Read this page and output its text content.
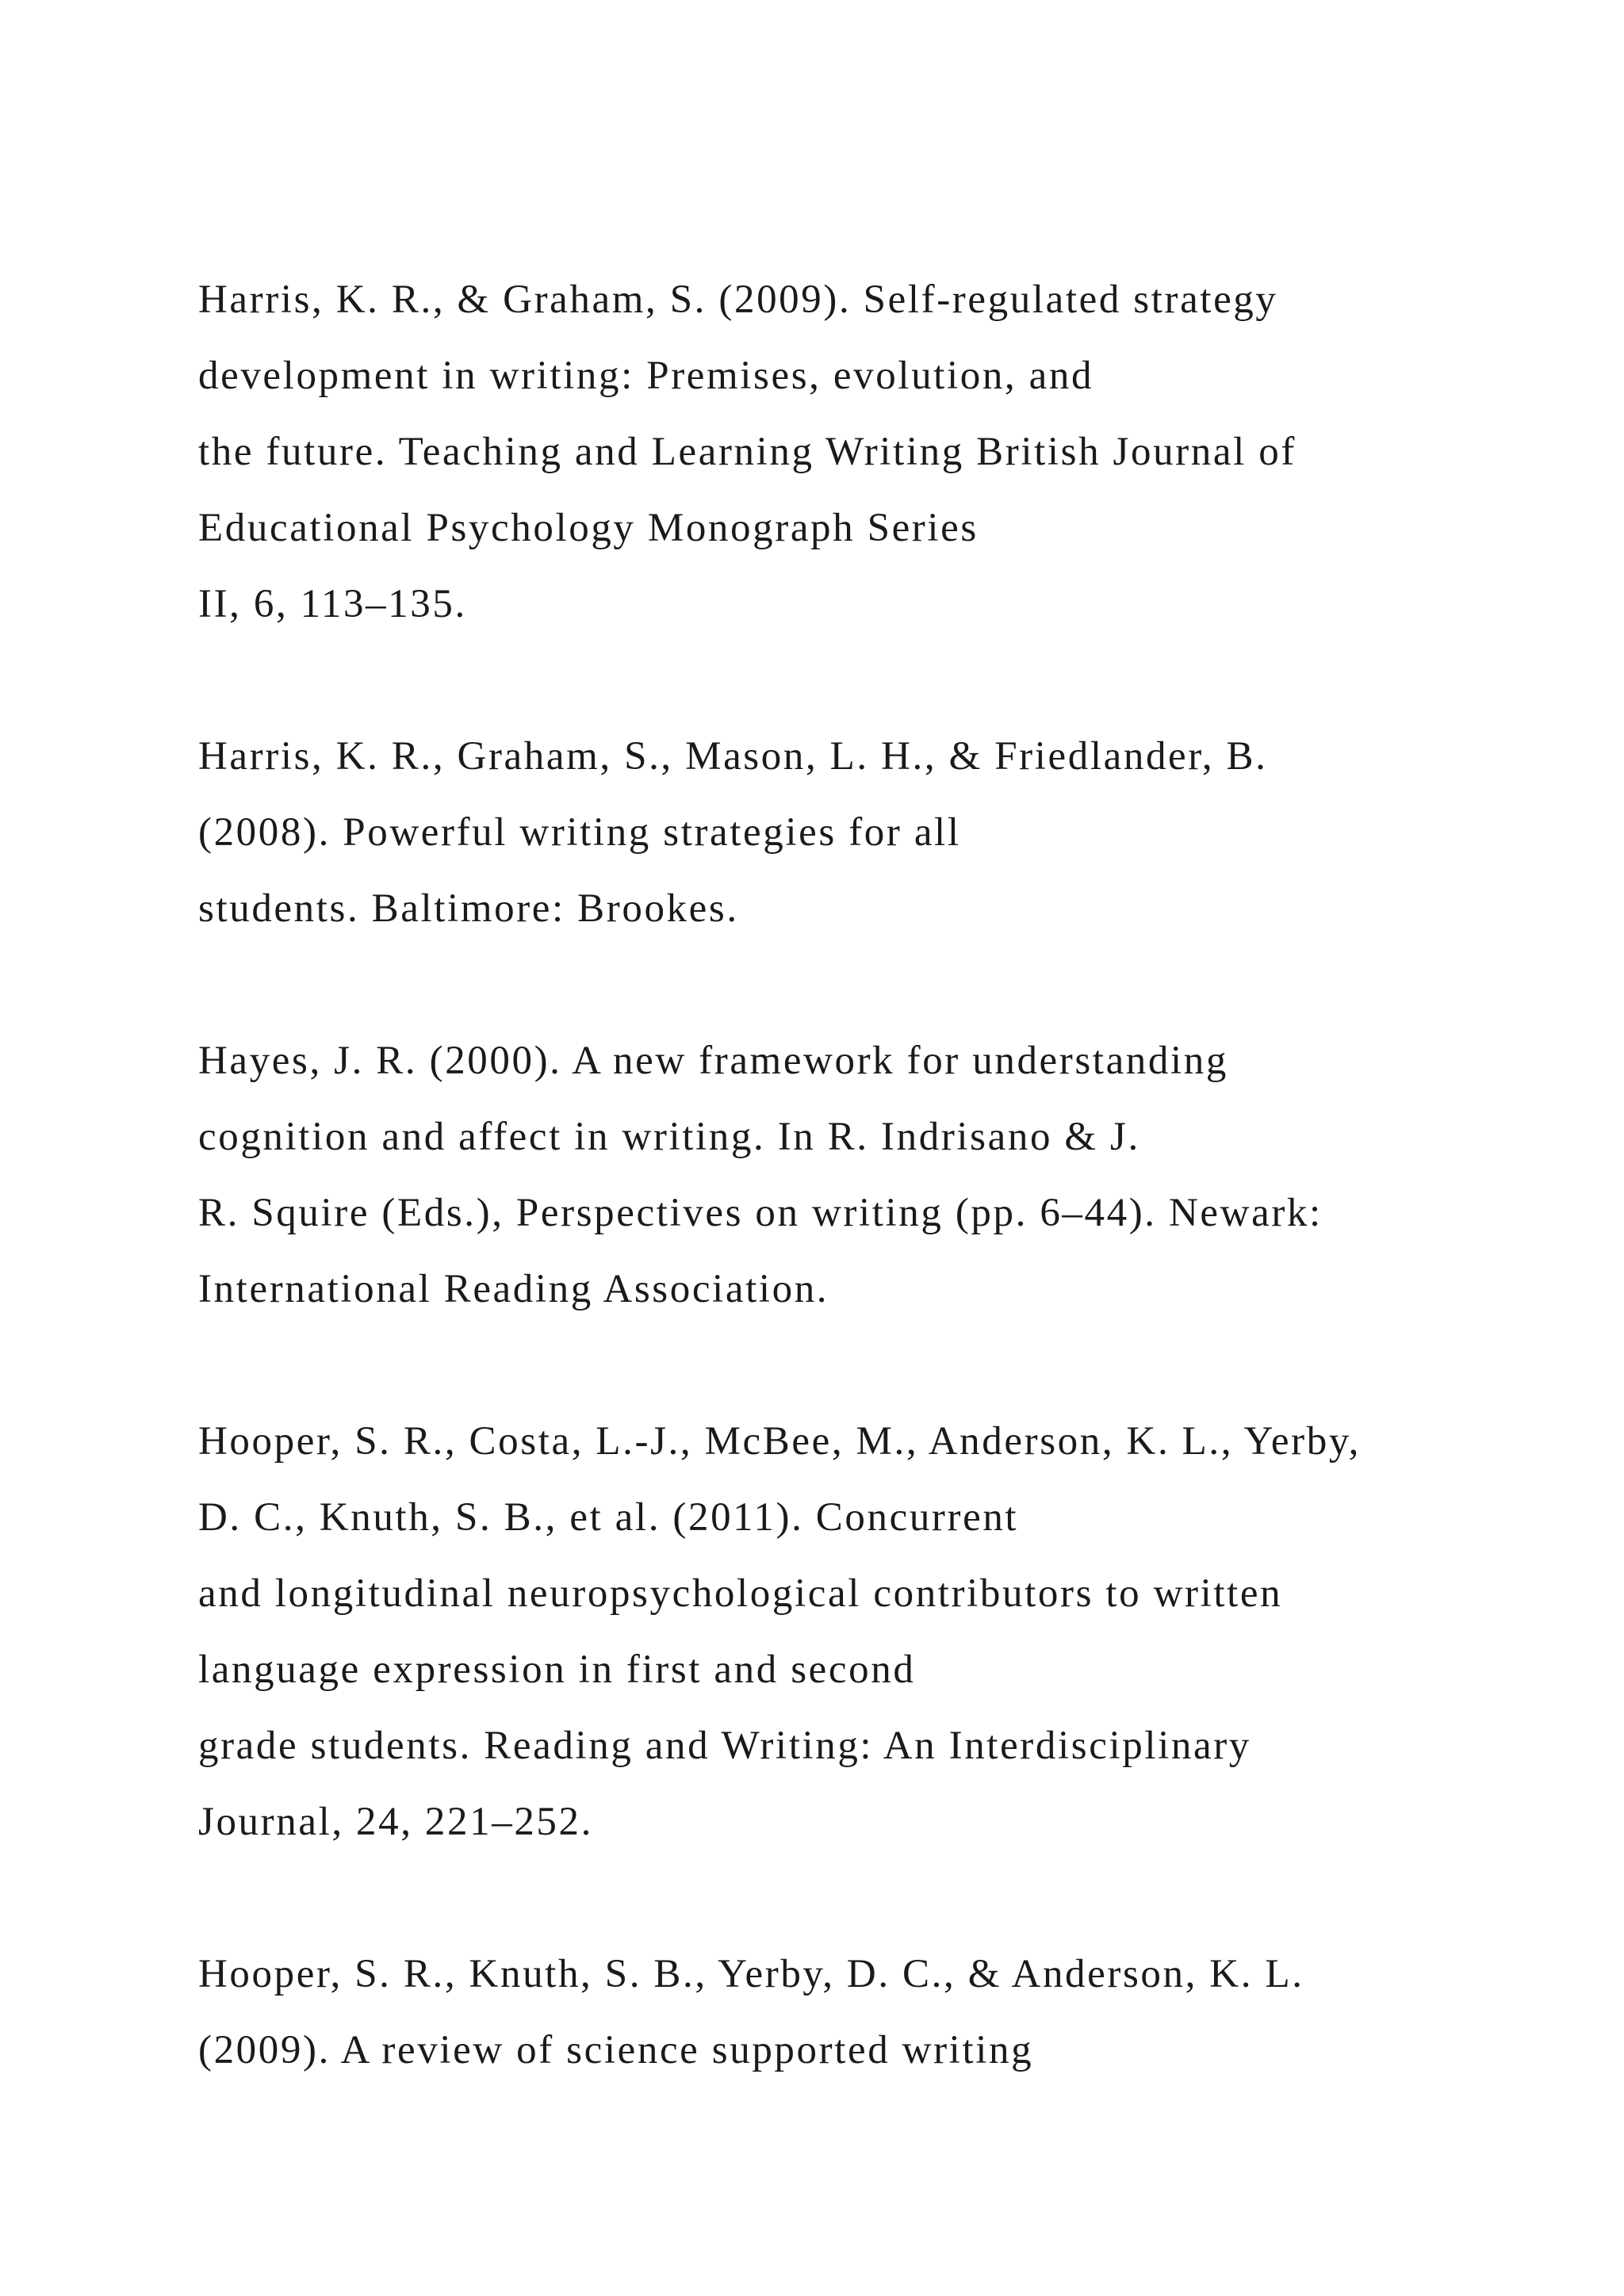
Harris, K. R., & Graham, S. (2009). Self-regulated strategy
development in writing: Premises, evolution, and
the future. Teaching and Learning Writing British Journal of
Educational Psychology Monograph Series
II, 6, 113–135.
Harris, K. R., Graham, S., Mason, L. H., & Friedlander, B.
(2008). Powerful writing strategies for all
students. Baltimore: Brookes.
Hayes, J. R. (2000). A new framework for understanding
cognition and affect in writing. In R. Indrisano & J.
R. Squire (Eds.), Perspectives on writing (pp. 6–44). Newark:
International Reading Association.
Hooper, S. R., Costa, L.-J., McBee, M., Anderson, K. L., Yerby,
D. C., Knuth, S. B., et al. (2011). Concurrent
and longitudinal neuropsychological contributors to written
language expression in first and second
grade students. Reading and Writing: An Interdisciplinary
Journal, 24, 221–252.
Hooper, S. R., Knuth, S. B., Yerby, D. C., & Anderson, K. L.
(2009). A review of science supported writing
